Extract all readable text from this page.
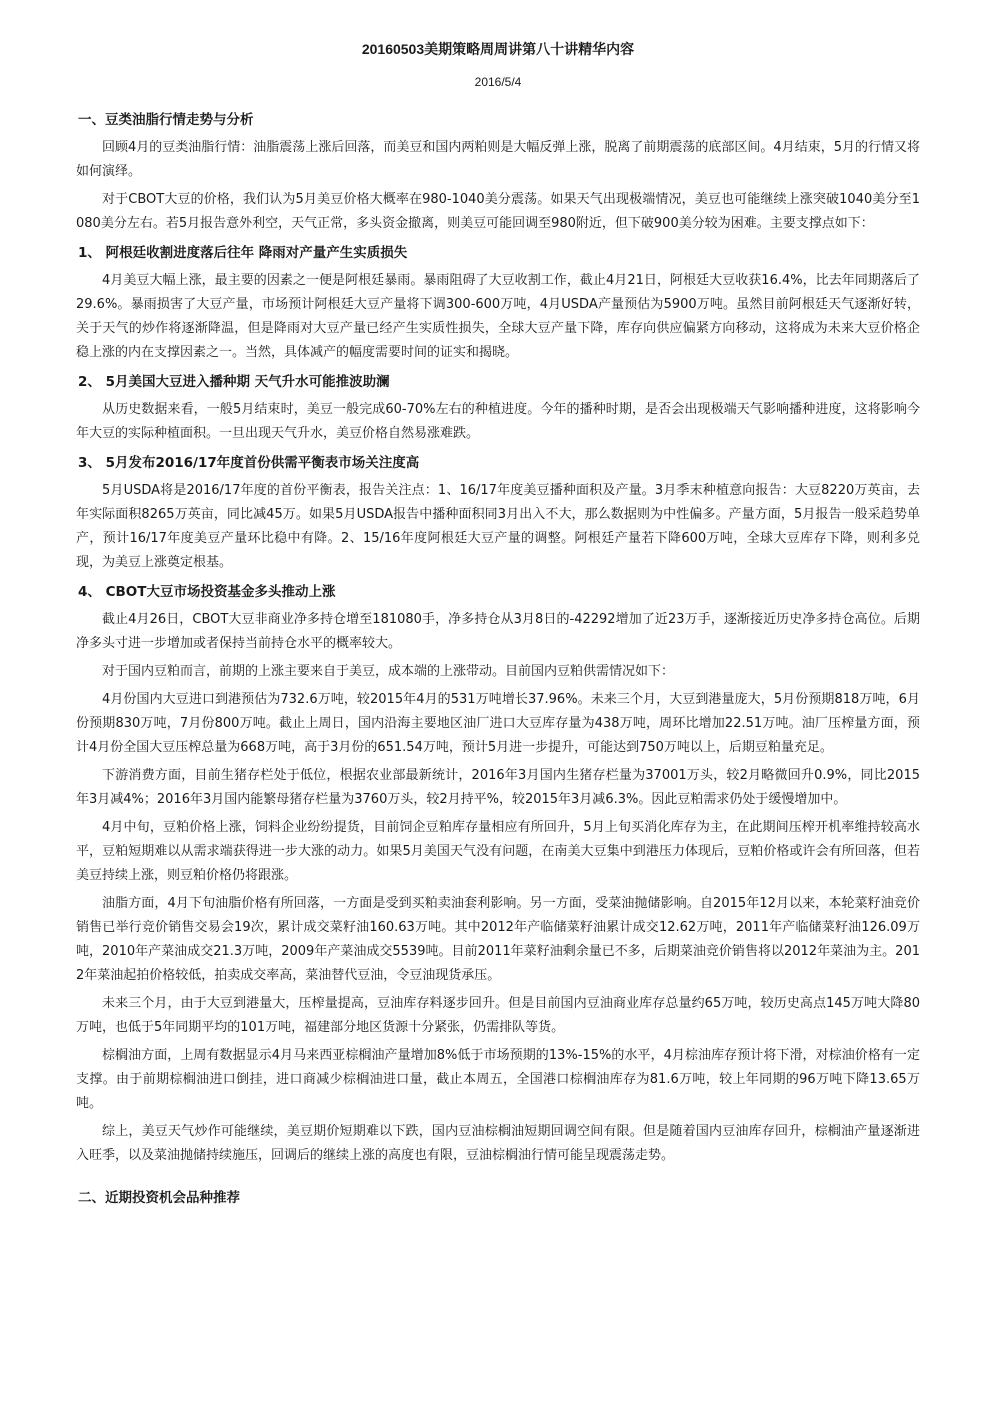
20160503美期策略周周讲第八十讲精华内容
2016/5/4
一、豆类油脂行情走势与分析
回顾4月的豆类油脂行情：油脂震荡上涨后回落，而美豆和国内两粕则是大幅反弹上涨，脱离了前期震荡的底部区间。4月结束，5月的行情又将如何演绎。
对于CBOT大豆的价格，我们认为5月美豆价格大概率在980-1040美分震荡。如果天气出现极端情况，美豆也可能继续上涨突破1040美分至1080美分左右。若5月报告意外利空，天气正常，多头资金撤离，则美豆可能回调至980附近，但下破900美分较为困难。主要支撑点如下：
1、 阿根廷收割进度落后往年 降雨对产量产生实质损失
4月美豆大幅上涨，最主要的因素之一便是阿根廷暴雨。暴雨阻碍了大豆收割工作，截止4月21日，阿根廷大豆收获16.4%，比去年同期落后了29.6%。暴雨损害了大豆产量，市场预计阿根廷大豆产量将下调300-600万吨，4月USDA产量预估为5900万吨。虽然目前阿根廷天气逐渐好转，关于天气的炒作将逐渐降温，但是降雨对大豆产量已经产生实质性损失，全球大豆产量下降，库存向供应偏紧方向移动，这将成为未来大豆价格企稳上涨的内在支撑因素之一。当然，具体减产的幅度需要时间的证实和揭晓。
2、 5月美国大豆进入播种期 天气升水可能推波助澜
从历史数据来看，一般5月结束时，美豆一般完成60-70%左右的种植进度。今年的播种时期，是否会出现极端天气影响播种进度，这将影响今年大豆的实际种植面积。一旦出现天气升水，美豆价格自然易涨难跌。
3、 5月发布2016/17年度首份供需平衡表市场关注度高
5月USDA将是2016/17年度的首份平衡表，报告关注点：1、16/17年度美豆播种面积及产量。3月季末种植意向报告：大豆8220万英亩，去年实际面积8265万英亩，同比减45万。如果5月USDA报告中播种面积同3月出入不大，那么数据则为中性偏多。产量方面，5月报告一般采趋势单产，预计16/17年度美豆产量环比稳中有降。2、15/16年度阿根廷大豆产量的调整。阿根廷产量若下降600万吨，全球大豆库存下降，则利多兑现，为美豆上涨奠定根基。
4、 CBOT大豆市场投资基金多头推动上涨
截止4月26日，CBOT大豆非商业净多持仓增至181080手，净多持仓从3月8日的-42292增加了近23万手，逐渐接近历史净多持仓高位。后期净多头寸进一步增加或者保持当前持仓水平的概率较大。
对于国内豆粕而言，前期的上涨主要来自于美豆，成本端的上涨带动。目前国内豆粕供需情况如下：
4月份国内大豆进口到港预估为732.6万吨，较2015年4月的531万吨增长37.96%。未来三个月，大豆到港量庞大，5月份预期818万吨，6月份预期830万吨，7月份800万吨。截止上周日，国内沿海主要地区油厂进口大豆库存量为438万吨，周环比增加22.51万吨。油厂压榨量方面，预计4月份全国大豆压榨总量为668万吨，高于3月份的651.54万吨，预计5月进一步提升，可能达到750万吨以上，后期豆粕量充足。
下游消费方面，目前生猪存栏处于低位，根据农业部最新统计，2016年3月国内生猪存栏量为37001万头，较2月略微回升0.9%，同比2015年3月减4%；2016年3月国内能繁母猪存栏量为3760万头，较2月持平%，较2015年3月减6.3%。因此豆粕需求仍处于缓慢增加中。
4月中旬，豆粕价格上涨，饲料企业纷纷提货，目前饲企豆粕库存量相应有所回升，5月上旬买消化库存为主，在此期间压榨开机率维持较高水平，豆粕短期难以从需求端获得进一步大涨的动力。如果5月美国天气没有问题，在南美大豆集中到港压力体现后，豆粕价格或许会有所回落，但若美豆持续上涨，则豆粕价格仍将跟涨。
油脂方面，4月下旬油脂价格有所回落，一方面是受到买粕卖油套利影响。另一方面，受菜油抛储影响。自2015年12月以来，本轮菜籽油竞价销售已举行竞价销售交易会19次，累计成交菜籽油160.63万吨。其中2012年产临储菜籽油累计成交12.62万吨，2011年产临储菜籽油126.09万吨，2010年产菜油成交21.3万吨，2009年产菜油成交5539吨。目前2011年菜籽油剩余量已不多，后期菜油竞价销售将以2012年菜油为主。2012年菜油起拍价格较低，拍卖成交率高，菜油替代豆油，令豆油现货承压。
未来三个月，由于大豆到港量大，压榨量提高，豆油库存料逐步回升。但是目前国内豆油商业库存总量约65万吨，较历史高点145万吨大降80万吨，也低于5年同期平均的101万吨，福建部分地区货源十分紧张，仍需排队等货。
棕榈油方面，上周有数据显示4月马来西亚棕榈油产量增加8%低于市场预期的13%-15%的水平，4月棕油库存预计将下滑，对棕油价格有一定支撑。由于前期棕榈油进口倒挂，进口商减少棕榈油进口量，截止本周五，全国港口棕榈油库存为81.6万吨，较上年同期的96万吨下降13.65万吨。
综上，美豆天气炒作可能继续，美豆期价短期难以下跌，国内豆油棕榈油短期回调空间有限。但是随着国内豆油库存回升，棕榈油产量逐渐进入旺季，以及菜油抛储持续施压，回调后的继续上涨的高度也有限，豆油棕榈油行情可能呈现震荡走势。
二、近期投资机会品种推荐
